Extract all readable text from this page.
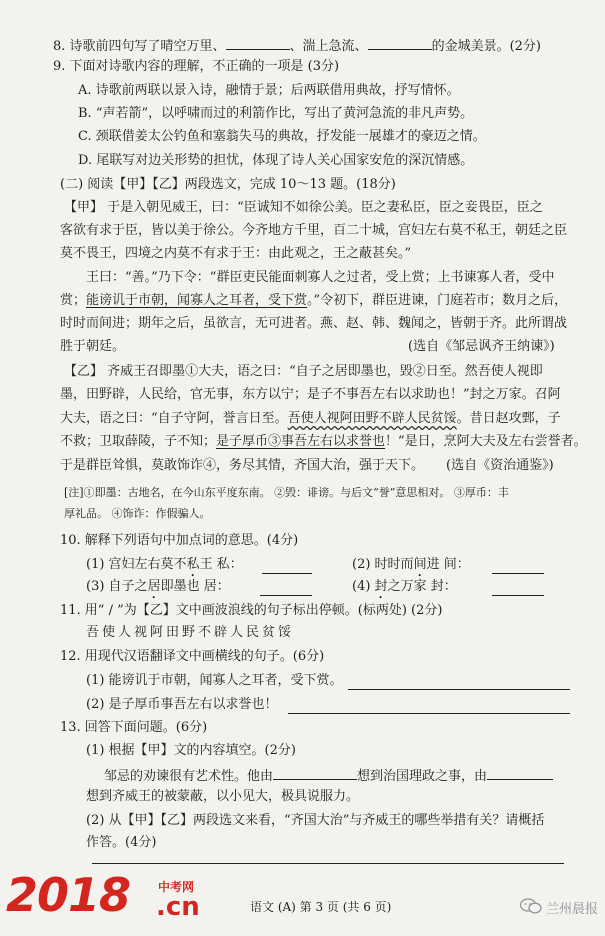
8. 诗歌前四句写了晴空万里、	、湍上急流、	的金城美景。(2分)
9. 下面对诗歌内容的理解，不正确的一项是 (3分)
A. 诗歌前两联以景入诗，融情于景；后两联借用典故，抒写情怀。
B. “声若箭”，以呼啸而过的利箭作比，写出了黄河急流的非凡声势。
C. 颈联借姜太公钓鱼和塞翁失马的典故，抒发能一展雄才的豪迈之情。
D. 尾联写对边关形势的担忧，体现了诗人关心国家安危的深沉情感。
(二) 阅读【甲】【乙】两段选文，完成 10～13 题。(18分)
【甲】 于是入朝见威王，曰：“臣诚知不如徐公美。臣之妻私臣，臣之妾畏臣，臣之
客欲有求于臣，皆以美于徐公。今齐地方千里，百二十城，宫妇左右莫不私王，朝廷之臣
莫不畏王，四境之内莫不有求于王：由此观之，王之蔽甚矣。”
王曰：“善。”乃下令：“群臣吏民能面刺寡人之过者，受上赏；上书谏寡人者，受中
赏；能谤讥于市朝，闻寡人之耳者，受下赏。”令初下，群臣进谏，门庭若市；数月之后，
时时而间进；期年之后，虽欲言，无可进者。燕、赵、韩、魏闻之，皆朝于齐。此所谓战
胜于朝廷。	(选自《邹忌讽齐王纳谏》)
【乙】 齐威王召即墨①大夫，语之曰：“自子之居即墨也，毁②日至。然吾使人视即
墨，田野辟，人民给，官无事，东方以宁；是子不事吾左右以求助也！”封之万家。召阿
大夫，语之曰：“自子守阿，誉言日至。吾使人视阿田野不辟人民贫馁。昔日赵攻鄄，子
不救；卫取薛陵，子不知；是子厚币③事吾左右以求誉也！”是日，烹阿大夫及左右尝誉者。
于是群臣耸惧，莫敢饰诈④，务尽其情，齐国大治，强于天下。 (选自《资治通鉴》)
[注]①即墨：古地名，在今山东平度东南。 ②毁：诽谤。与后文“誉”意思相对。 ③厚币：丰
厚礼品。 ④饰诈：作假骗人。
10. 解释下列语句中加点词的意思。(4分)
(1) 宫妇左右莫不私王 私：	(2) 时时而间进 间：
(3) 自子之居即墨也 居：	(4) 封之万家 封：
11. 用“ / ”为【乙】文中画波浪线的句子标出停顿。(标两处) (2分)
吾使人视阿田野不辟人民贫馁
12. 用现代汉语翻译文中画横线的句子。(6分)
(1) 能谤讥于市朝，闻寡人之耳者，受下赏。
(2) 是子厚币事吾左右以求誉也！
13. 回答下面问题。(6分)
(1) 根据【甲】文的内容填空。(2分)
邹忌的劝谏很有艺术性。他由	想到治国理政之事，由
想到齐威王的被蒙蔽，以小见大，极具说服力。
(2) 从【甲】【乙】两段选文来看，“齐国大治”与齐威王的哪些举措有关？请概括
作答。(4分)
2018 中考网
.cn	语文 (A) 第 3 页 (共 6 页)	兰州晨报
